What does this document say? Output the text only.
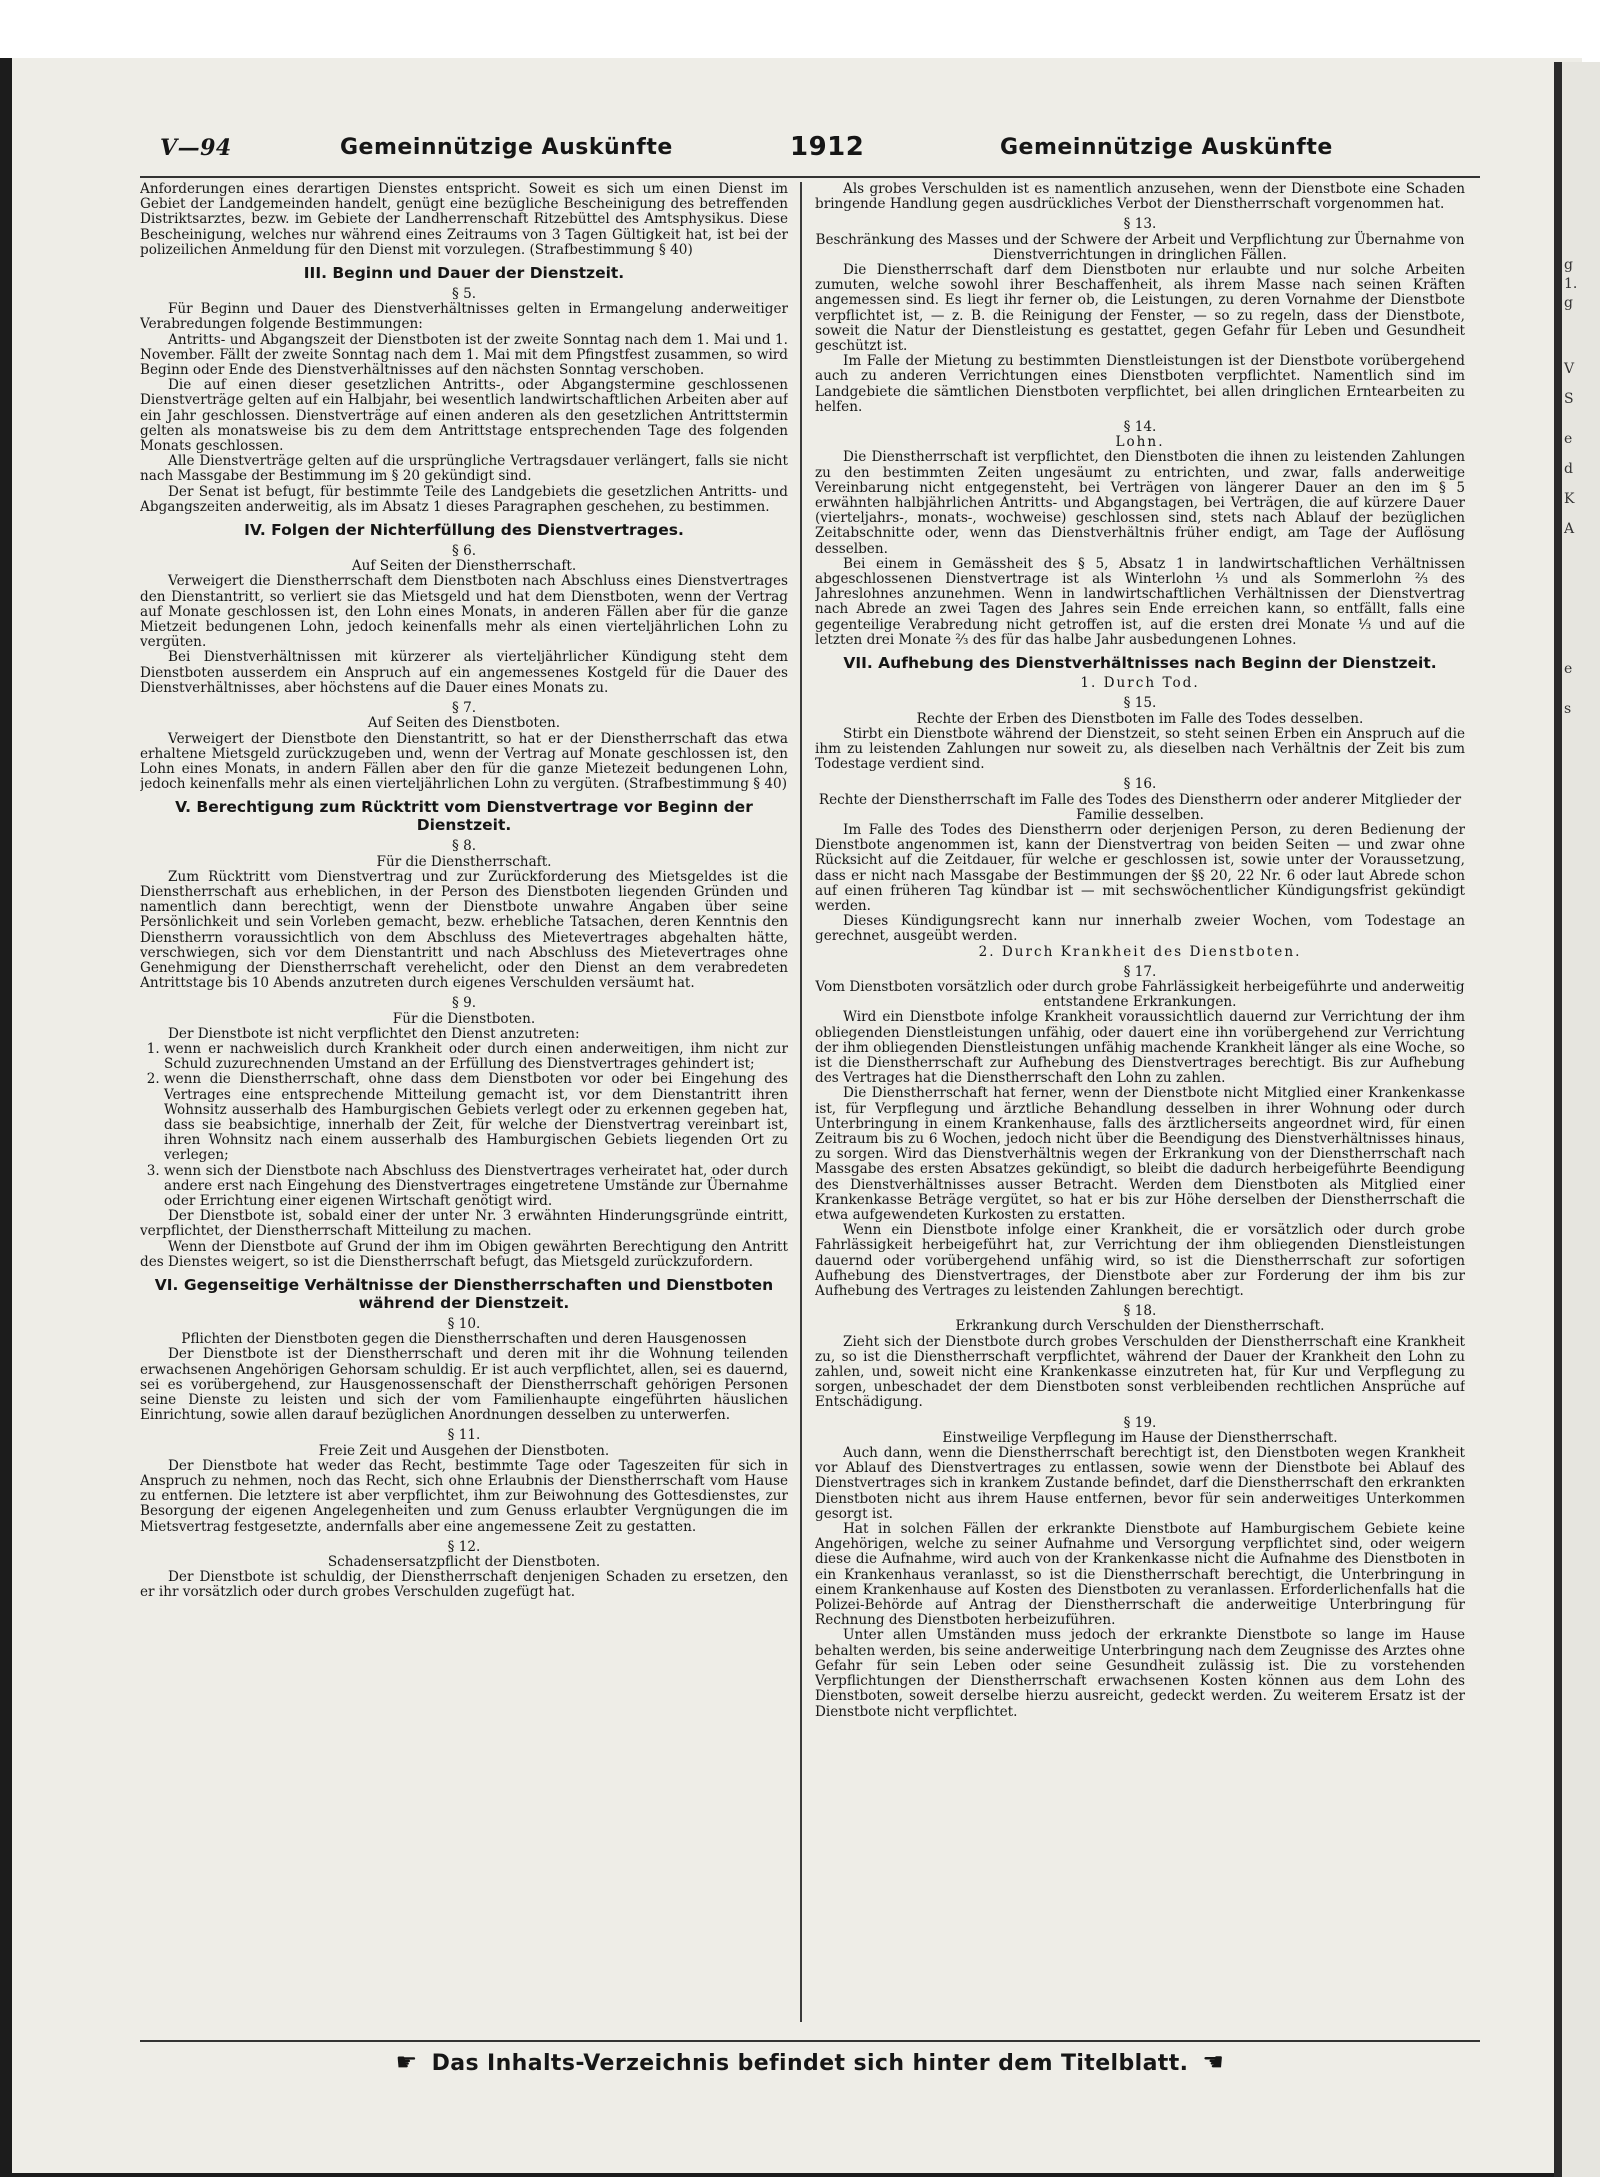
g
1.
g
V
S
e
d
K
A
e
s
V—94	Gemeinnützige Auskünfte	1912	Gemeinnützige Auskünfte

Anforderungen eines derartigen Dienstes entspricht. Soweit es sich um einen Dienst im Gebiet der Landgemeinden handelt, genügt eine bezügliche Bescheinigung des betreffenden Distriktsarztes, bezw. im Gebiete der Landherrenschaft Ritzebüttel des Amtsphysikus. Diese Bescheinigung, welches nur während eines Zeitraums von 3 Tagen Gültigkeit hat, ist bei der polizeilichen Anmeldung für den Dienst mit vorzulegen. (Strafbestimmung § 40)

III. Beginn und Dauer der Dienstzeit.

§ 5.

Für Beginn und Dauer des Dienstverhältnisses gelten in Ermangelung anderweitiger Verabredungen folgende Bestimmungen:

Antritts- und Abgangszeit der Dienstboten ist der zweite Sonntag nach dem 1. Mai und 1. November. Fällt der zweite Sonntag nach dem 1. Mai mit dem Pfingstfest zusammen, so wird Beginn oder Ende des Dienstverhältnisses auf den nächsten Sonntag verschoben.

Die auf einen dieser gesetzlichen Antritts-, oder Abgangstermine geschlossenen Dienstverträge gelten auf ein Halbjahr, bei wesentlich landwirtschaftlichen Arbeiten aber auf ein Jahr geschlossen. Dienstverträge auf einen anderen als den gesetzlichen Antrittstermin gelten als monatsweise bis zu dem dem Antrittstage entsprechenden Tage des folgenden Monats geschlossen.

Alle Dienstverträge gelten auf die ursprüngliche Vertragsdauer verlängert, falls sie nicht nach Massgabe der Bestimmung im § 20 gekündigt sind.

Der Senat ist befugt, für bestimmte Teile des Landgebiets die gesetzlichen Antritts- und Abgangszeiten anderweitig, als im Absatz 1 dieses Paragraphen geschehen, zu bestimmen.

IV. Folgen der Nichterfüllung des Dienstvertrages.

§ 6.

Auf Seiten der Dienstherrschaft.

Verweigert die Dienstherrschaft dem Dienstboten nach Abschluss eines Dienstvertrages den Dienstantritt, so verliert sie das Mietsgeld und hat dem Dienstboten, wenn der Vertrag auf Monate geschlossen ist, den Lohn eines Monats, in anderen Fällen aber für die ganze Mietzeit bedungenen Lohn, jedoch keinenfalls mehr als einen vierteljährlichen Lohn zu vergüten.

Bei Dienstverhältnissen mit kürzerer als vierteljährlicher Kündigung steht dem Dienstboten ausserdem ein Anspruch auf ein angemessenes Kostgeld für die Dauer des Dienstverhältnisses, aber höchstens auf die Dauer eines Monats zu.

§ 7.

Auf Seiten des Dienstboten.

Verweigert der Dienstbote den Dienstantritt, so hat er der Dienstherrschaft das etwa erhaltene Mietsgeld zurückzugeben und, wenn der Vertrag auf Monate geschlossen ist, den Lohn eines Monats, in andern Fällen aber den für die ganze Mietezeit bedungenen Lohn, jedoch keinenfalls mehr als einen vierteljährlichen Lohn zu vergüten. (Strafbestimmung § 40)

V. Berechtigung zum Rücktritt vom Dienstvertrage vor Beginn der Dienstzeit.

§ 8.

Für die Dienstherrschaft.

Zum Rücktritt vom Dienstvertrag und zur Zurückforderung des Mietsgeldes ist die Dienstherrschaft aus erheblichen, in der Person des Dienstboten liegenden Gründen und namentlich dann berechtigt, wenn der Dienstbote unwahre Angaben über seine Persönlichkeit und sein Vorleben gemacht, bezw. erhebliche Tatsachen, deren Kenntnis den Dienstherrn voraussichtlich von dem Abschluss des Mietevertrages abgehalten hätte, verschwiegen, sich vor dem Dienstantritt und nach Abschluss des Mietevertrages ohne Genehmigung der Dienstherrschaft verehelicht, oder den Dienst an dem verabredeten Antrittstage bis 10 Abends anzutreten durch eigenes Verschulden versäumt hat.

§ 9.

Für die Dienstboten.

Der Dienstbote ist nicht verpflichtet den Dienst anzutreten:

1. wenn er nachweislich durch Krankheit oder durch einen anderweitigen, ihm nicht zur Schuld zuzurechnenden Umstand an der Erfüllung des Dienstvertrages gehindert ist;
2. wenn die Dienstherrschaft, ohne dass dem Dienstboten vor oder bei Eingehung des Vertrages eine entsprechende Mitteilung gemacht ist, vor dem Dienstantritt ihren Wohnsitz ausserhalb des Hamburgischen Gebiets verlegt oder zu erkennen gegeben hat, dass sie beabsichtige, innerhalb der Zeit, für welche der Dienstvertrag vereinbart ist, ihren Wohnsitz nach einem ausserhalb des Hamburgischen Gebiets liegenden Ort zu verlegen;
3. wenn sich der Dienstbote nach Abschluss des Dienstvertrages verheiratet hat, oder durch andere erst nach Eingehung des Dienstvertrages eingetretene Umstände zur Übernahme oder Errichtung einer eigenen Wirtschaft genötigt wird.

Der Dienstbote ist, sobald einer der unter Nr. 3 erwähnten Hinderungsgründe eintritt, verpflichtet, der Dienstherrschaft Mitteilung zu machen.

Wenn der Dienstbote auf Grund der ihm im Obigen gewährten Berechtigung den Antritt des Dienstes weigert, so ist die Dienstherrschaft befugt, das Mietsgeld zurückzufordern.

VI. Gegenseitige Verhältnisse der Dienstherrschaften und Dienstboten während der Dienstzeit.

§ 10.

Pflichten der Dienstboten gegen die Dienstherrschaften und deren Hausgenossen

Der Dienstbote ist der Dienstherrschaft und deren mit ihr die Wohnung teilenden erwachsenen Angehörigen Gehorsam schuldig. Er ist auch verpflichtet, allen, sei es dauernd, sei es vorübergehend, zur Hausgenossenschaft der Dienstherrschaft gehörigen Personen seine Dienste zu leisten und sich der vom Familienhaupte eingeführten häuslichen Einrichtung, sowie allen darauf bezüglichen Anordnungen desselben zu unterwerfen.

§ 11.

Freie Zeit und Ausgehen der Dienstboten.

Der Dienstbote hat weder das Recht, bestimmte Tage oder Tageszeiten für sich in Anspruch zu nehmen, noch das Recht, sich ohne Erlaubnis der Dienstherrschaft vom Hause zu entfernen. Die letztere ist aber verpflichtet, ihm zur Beiwohnung des Gottesdienstes, zur Besorgung der eigenen Angelegenheiten und zum Genuss erlaubter Vergnügungen die im Mietsvertrag festgesetzte, andernfalls aber eine angemessene Zeit zu gestatten.

§ 12.

Schadensersatzpflicht der Dienstboten.

Der Dienstbote ist schuldig, der Dienstherrschaft denjenigen Schaden zu ersetzen, den er ihr vorsätzlich oder durch grobes Verschulden zugefügt hat.

Als grobes Verschulden ist es namentlich anzusehen, wenn der Dienstbote eine Schaden bringende Handlung gegen ausdrückliches Verbot der Dienstherrschaft vorgenommen hat.

§ 13.

Beschränkung des Masses und der Schwere der Arbeit und Verpflichtung zur Übernahme von Dienstverrichtungen in dringlichen Fällen.

Die Dienstherrschaft darf dem Dienstboten nur erlaubte und nur solche Arbeiten zumuten, welche sowohl ihrer Beschaffenheit, als ihrem Masse nach seinen Kräften angemessen sind. Es liegt ihr ferner ob, die Leistungen, zu deren Vornahme der Dienstbote verpflichtet ist, — z. B. die Reinigung der Fenster, — so zu regeln, dass der Dienstbote, soweit die Natur der Dienstleistung es gestattet, gegen Gefahr für Leben und Gesundheit geschützt ist.

Im Falle der Mietung zu bestimmten Dienstleistungen ist der Dienstbote vorübergehend auch zu anderen Verrichtungen eines Dienstboten verpflichtet. Namentlich sind im Landgebiete die sämtlichen Dienstboten verpflichtet, bei allen dringlichen Erntearbeiten zu helfen.

§ 14.

Lohn.

Die Dienstherrschaft ist verpflichtet, den Dienstboten die ihnen zu leistenden Zahlungen zu den bestimmten Zeiten ungesäumt zu entrichten, und zwar, falls anderweitige Vereinbarung nicht entgegensteht, bei Verträgen von längerer Dauer an den im § 5 erwähnten halbjährlichen Antritts- und Abgangstagen, bei Verträgen, die auf kürzere Dauer (vierteljahrs-, monats-, wochweise) geschlossen sind, stets nach Ablauf der bezüglichen Zeitabschnitte oder, wenn das Dienstverhältnis früher endigt, am Tage der Auflösung desselben.

Bei einem in Gemässheit des § 5, Absatz 1 in landwirtschaftlichen Verhältnissen abgeschlossenen Dienstvertrage ist als Winterlohn ⅓ und als Sommerlohn ⅔ des Jahreslohnes anzunehmen. Wenn in landwirtschaftlichen Verhältnissen der Dienstvertrag nach Abrede an zwei Tagen des Jahres sein Ende erreichen kann, so entfällt, falls eine gegenteilige Verabredung nicht getroffen ist, auf die ersten drei Monate ⅓ und auf die letzten drei Monate ⅔ des für das halbe Jahr ausbedungenen Lohnes.

VII. Aufhebung des Dienstverhältnisses nach Beginn der Dienstzeit.

1. Durch Tod.

§ 15.

Rechte der Erben des Dienstboten im Falle des Todes desselben.

Stirbt ein Dienstbote während der Dienstzeit, so steht seinen Erben ein Anspruch auf die ihm zu leistenden Zahlungen nur soweit zu, als dieselben nach Verhältnis der Zeit bis zum Todestage verdient sind.

§ 16.

Rechte der Dienstherrschaft im Falle des Todes des Dienstherrn oder anderer Mitglieder der Familie desselben.

Im Falle des Todes des Dienstherrn oder derjenigen Person, zu deren Bedienung der Dienstbote angenommen ist, kann der Dienstvertrag von beiden Seiten — und zwar ohne Rücksicht auf die Zeitdauer, für welche er geschlossen ist, sowie unter der Voraussetzung, dass er nicht nach Massgabe der Bestimmungen der §§ 20, 22 Nr. 6 oder laut Abrede schon auf einen früheren Tag kündbar ist — mit sechswöchentlicher Kündigungsfrist gekündigt werden.

Dieses Kündigungsrecht kann nur innerhalb zweier Wochen, vom Todestage an gerechnet, ausgeübt werden.

2. Durch Krankheit des Dienstboten.

§ 17.

Vom Dienstboten vorsätzlich oder durch grobe Fahrlässigkeit herbeigeführte und anderweitig entstandene Erkrankungen.

Wird ein Dienstbote infolge Krankheit voraussichtlich dauernd zur Verrichtung der ihm obliegenden Dienstleistungen unfähig, oder dauert eine ihn vorübergehend zur Verrichtung der ihm obliegenden Dienstleistungen unfähig machende Krankheit länger als eine Woche, so ist die Dienstherrschaft zur Aufhebung des Dienstvertrages berechtigt. Bis zur Aufhebung des Vertrages hat die Dienstherrschaft den Lohn zu zahlen.

Die Dienstherrschaft hat ferner, wenn der Dienstbote nicht Mitglied einer Krankenkasse ist, für Verpflegung und ärztliche Behandlung desselben in ihrer Wohnung oder durch Unterbringung in einem Krankenhause, falls des ärztlicherseits angeordnet wird, für einen Zeitraum bis zu 6 Wochen, jedoch nicht über die Beendigung des Dienstverhältnisses hinaus, zu sorgen. Wird das Dienstverhältnis wegen der Erkrankung von der Dienstherrschaft nach Massgabe des ersten Absatzes gekündigt, so bleibt die dadurch herbeigeführte Beendigung des Dienstverhältnisses ausser Betracht. Werden dem Dienstboten als Mitglied einer Krankenkasse Beträge vergütet, so hat er bis zur Höhe derselben der Dienstherrschaft die etwa aufgewendeten Kurkosten zu erstatten.

Wenn ein Dienstbote infolge einer Krankheit, die er vorsätzlich oder durch grobe Fahrlässigkeit herbeigeführt hat, zur Verrichtung der ihm obliegenden Dienstleistungen dauernd oder vorübergehend unfähig wird, so ist die Dienstherrschaft zur sofortigen Aufhebung des Dienstvertrages, der Dienstbote aber zur Forderung der ihm bis zur Aufhebung des Vertrages zu leistenden Zahlungen berechtigt.

§ 18.

Erkrankung durch Verschulden der Dienstherrschaft.

Zieht sich der Dienstbote durch grobes Verschulden der Dienstherrschaft eine Krankheit zu, so ist die Dienstherrschaft verpflichtet, während der Dauer der Krankheit den Lohn zu zahlen, und, soweit nicht eine Krankenkasse einzutreten hat, für Kur und Verpflegung zu sorgen, unbeschadet der dem Dienstboten sonst verbleibenden rechtlichen Ansprüche auf Entschädigung.

§ 19.

Einstweilige Verpflegung im Hause der Dienstherrschaft.

Auch dann, wenn die Dienstherrschaft berechtigt ist, den Dienstboten wegen Krankheit vor Ablauf des Dienstvertrages zu entlassen, sowie wenn der Dienstbote bei Ablauf des Dienstvertrages sich in krankem Zustande befindet, darf die Dienstherrschaft den erkrankten Dienstboten nicht aus ihrem Hause entfernen, bevor für sein anderweitiges Unterkommen gesorgt ist.

Hat in solchen Fällen der erkrankte Dienstbote auf Hamburgischem Gebiete keine Angehörigen, welche zu seiner Aufnahme und Versorgung verpflichtet sind, oder weigern diese die Aufnahme, wird auch von der Krankenkasse nicht die Aufnahme des Dienstboten in ein Krankenhaus veranlasst, so ist die Dienstherrschaft berechtigt, die Unterbringung in einem Krankenhause auf Kosten des Dienstboten zu veranlassen. Erforderlichenfalls hat die Polizei-Behörde auf Antrag der Dienstherrschaft die anderweitige Unterbringung für Rechnung des Dienstboten herbeizuführen.

Unter allen Umständen muss jedoch der erkrankte Dienstbote so lange im Hause behalten werden, bis seine anderweitige Unterbringung nach dem Zeugnisse des Arztes ohne Gefahr für sein Leben oder seine Gesundheit zulässig ist. Die zu vorstehenden Verpflichtungen der Dienstherrschaft erwachsenen Kosten können aus dem Lohn des Dienstboten, soweit derselbe hierzu ausreicht, gedeckt werden. Zu weiterem Ersatz ist der Dienstbote nicht verpflichtet.

☛ Das Inhalts-Verzeichnis befindet sich hinter dem Titelblatt. ☚
